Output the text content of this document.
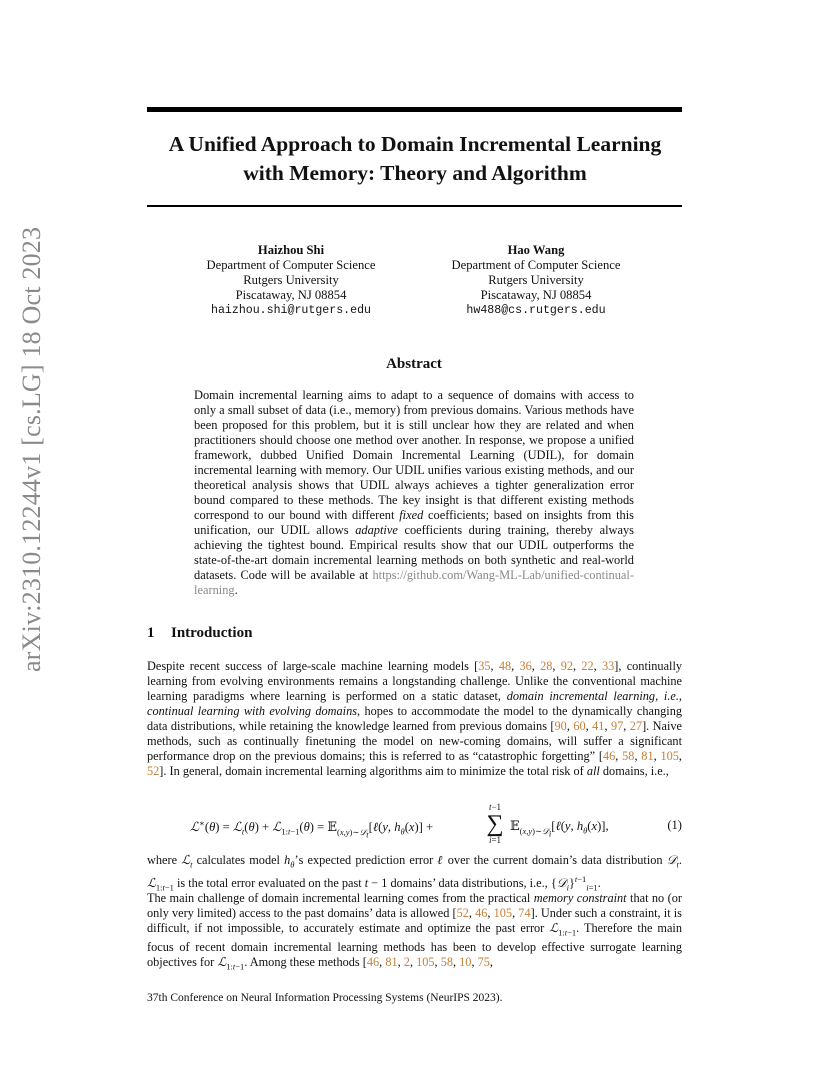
arXiv:2310.12244v1 [cs.LG] 18 Oct 2023
A Unified Approach to Domain Incremental Learning
with Memory: Theory and Algorithm
Haizhou Shi
Department of Computer Science
Rutgers University
Piscataway, NJ 08854
haizhou.shi@rutgers.edu
Hao Wang
Department of Computer Science
Rutgers University
Piscataway, NJ 08854
hw488@cs.rutgers.edu
Abstract

Domain incremental learning aims to adapt to a sequence of domains with access to only a small subset of data (i.e., memory) from previous domains. Various methods have been proposed for this problem, but it is still unclear how they are related and when practitioners should choose one method over another. In response, we propose a unified framework, dubbed Unified Domain Incremental Learning (UDIL), for domain incremental learning with memory. Our UDIL unifies various existing methods, and our theoretical analysis shows that UDIL always achieves a tighter generalization error bound compared to these methods. The key insight is that different existing methods correspond to our bound with different fixed coefficients; based on insights from this unification, our UDIL allows adaptive coefficients during training, thereby always achieving the tightest bound. Empirical results show that our UDIL outperforms the state-of-the-art domain incremental learning methods on both synthetic and real-world datasets. Code will be available at https://github.com/Wang-ML-Lab/unified-continual-learning.

1 Introduction

Despite recent success of large-scale machine learning models [35, 48, 36, 28, 92, 22, 33], continually learning from evolving environments remains a longstanding challenge. Unlike the conventional machine learning paradigms where learning is performed on a static dataset, domain incremental learning, i.e., continual learning with evolving domains, hopes to accommodate the model to the dynamically changing data distributions, while retaining the knowledge learned from previous domains [90, 60, 41, 97, 27]. Naive methods, such as continually finetuning the model on new-coming domains, will suffer a significant performance drop on the previous domains; this is referred to as “catastrophic forgetting” [46, 58, 81, 105, 52]. In general, domain incremental learning algorithms aim to minimize the total risk of all domains, i.e.,

ℒ∗(θ) = ℒ$_t$(θ) + ℒ$_{1:t-1}$(θ) = 𝔼$_{(x,y)\sim 𝒟_t}$[ℓ(y, $h_\theta(x)$] +
t−1
∑
i=1
𝔼$_{(x,y)\sim 𝒟_i}$[ℓ(y, $h_\theta(x)$],	(1)

where ℒ$_t$ calculates model $h_\theta’s$ expected prediction error ℓ over the current domain’s data distribution 𝒟$_t$. ℒ$_{1:t-1}$ is the total error evaluated on the past t − 1 domains’ data distributions, i.e., {𝒟$_i$}$^{t-1}_{i=1}$.

The main challenge of domain incremental learning comes from the practical memory constraint that no (or only very limited) access to the past domains’ data is allowed [52, 46, 105, 74]. Under such a constraint, it is difficult, if not impossible, to accurately estimate and optimize the past error ℒ$_{1:t-1}$. Therefore the main focus of recent domain incremental learning methods has been to develop effective surrogate learning objectives for ℒ$_{1:t-1}$. Among these methods [46, 81, 2, 105, 58, 10, 75,

37th Conference on Neural Information Processing Systems (NeurIPS 2023).
